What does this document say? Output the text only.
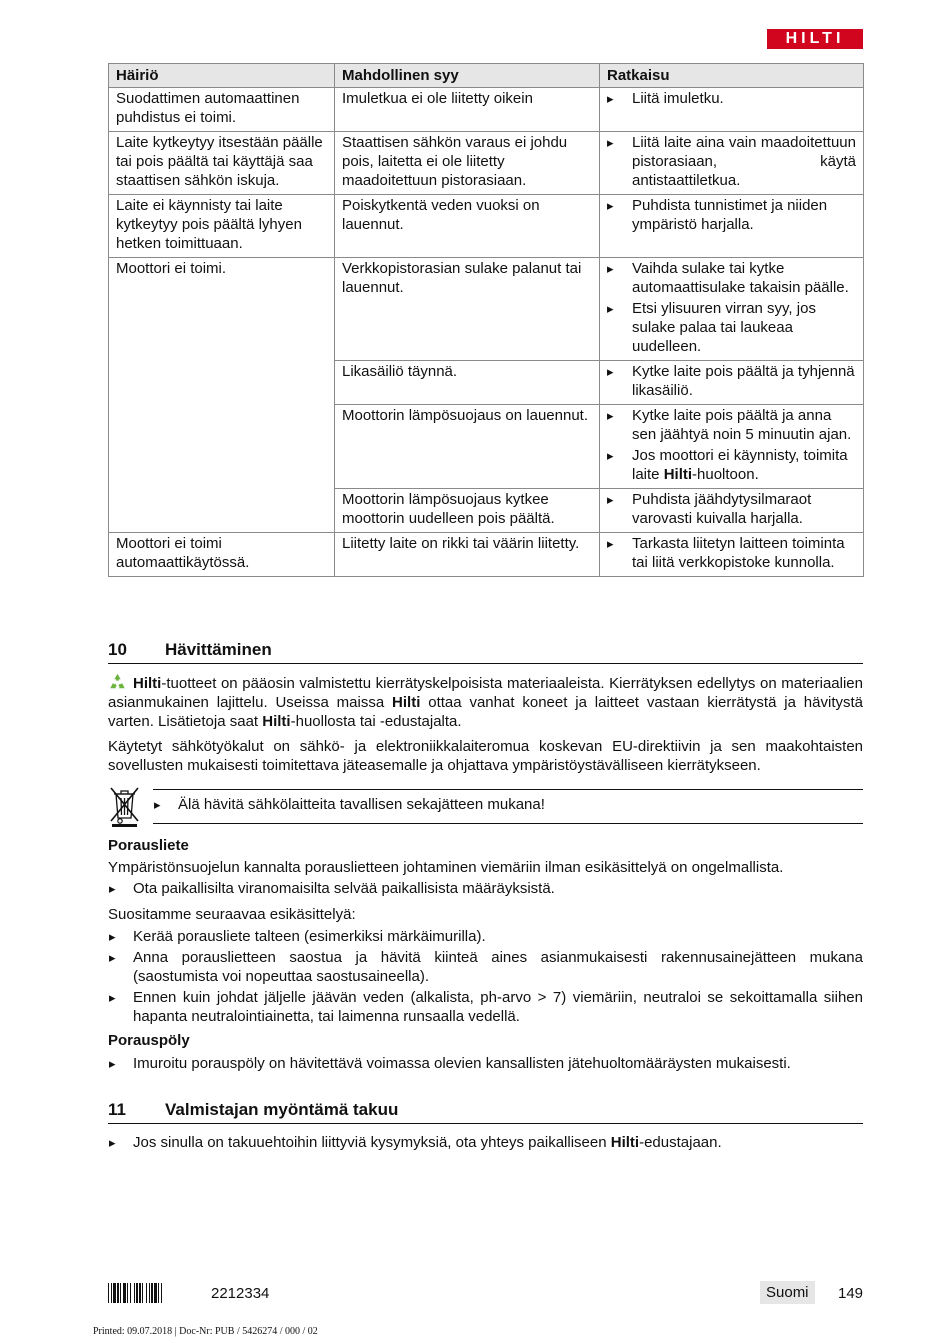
HILTI
Häiriö	Mahdollinen syy	Ratkaisu
Suodattimen automaattinen puhdistus ei toimi.	Imuletkua ei ole liitetty oikein	▸ Liitä imuletku.

Laite kytkeytyy itsestään päälle tai pois päältä tai käyttäjä saa staattisen sähkön iskuja.	Staattisen sähkön varaus ei johdu pois, laitetta ei ole liitetty maadoitettuun pistorasiaan.	▸ Liitä laite aina vain maadoitettuun pistorasiaan, käytä antistaattiletkua.

Laite ei käynnisty tai laite kytkeytyy pois päältä lyhyen hetken toimittuaan.	Poiskytkentä veden vuoksi on lauennut.	▸ Puhdista tunnistimet ja niiden ympäristö harjalla.

Moottori ei toimi.	Verkkopistorasian sulake palanut tai lauennut.	▸ Vaihda sulake tai kytke automaattisulake takaisin päälle.
▸ Etsi ylisuuren virran syy, jos sulake palaa tai laukeaa uudelleen.

	Likasäiliö täynnä.	▸ Kytke laite pois päältä ja tyhjennä likasäiliö.

	Moottorin lämpösuojaus on lauennut.	▸ Kytke laite pois päältä ja anna sen jäähtyä noin 5 minuutin ajan.
▸ Jos moottori ei käynnisty, toimita laite Hilti-huoltoon.

	Moottorin lämpösuojaus kytkee moottorin uudelleen pois päältä.	▸ Puhdista jäähdytysilmaraot varovasti kuivalla harjalla.

Moottori ei toimi automaattikäytössä.	Liitetty laite on rikki tai väärin liitetty.	▸ Tarkasta liitetyn laitteen toiminta tai liitä verkkopistoke kunnolla.
10 Hävittäminen

Hilti-tuotteet on pääosin valmistettu kierrätyskelpoisista materiaaleista. Kierrätyksen edellytys on materiaalien asianmukainen lajittelu. Useissa maissa Hilti ottaa vanhat koneet ja laitteet vastaan kierrätystä ja hävitystä varten. Lisätietoja saat Hilti-huollosta tai -edustajalta.

Käytetyt sähkötyökalut on sähkö- ja elektroniikkalaiteromua koskevan EU-direktiivin ja sen maakohtaisten sovellusten mukaisesti toimitettava jäteasemalle ja ohjattava ympäristöystävälliseen kierrätykseen.

▸ Älä hävitä sähkölaitteita tavallisen sekajätteen mukana!

Porausliete

Ympäristönsuojelun kannalta porauslietteen johtaminen viemäriin ilman esikäsittelyä on ongelmallista.

▸ Ota paikallisilta viranomaisilta selvää paikallisista määräyksistä.

Suositamme seuraavaa esikäsittelyä:

▸ Kerää porausliete talteen (esimerkiksi märkäimurilla).
▸ Anna porauslietteen saostua ja hävitä kiinteä aines asianmukaisesti rakennusainejätteen mukana (saostumista voi nopeuttaa saostusaineella).
▸ Ennen kuin johdat jäljelle jäävän veden (alkalista, ph-arvo > 7) viemäriin, neutraloi se sekoittamalla siihen hapanta neutralointiainetta, tai laimenna runsaalla vedellä.

Porauspöly

▸ Imuroitu porauspöly on hävitettävä voimassa olevien kansallisten jätehuoltomääräysten mukaisesti.
11 Valmistajan myöntämä takuu
▸ Jos sinulla on takuuehtoihin liittyviä kysymyksiä, ota yhteys paikalliseen Hilti-edustajaan.
2212334	Suomi	149
Printed: 09.07.2018 | Doc-Nr: PUB / 5426274 / 000 / 02
